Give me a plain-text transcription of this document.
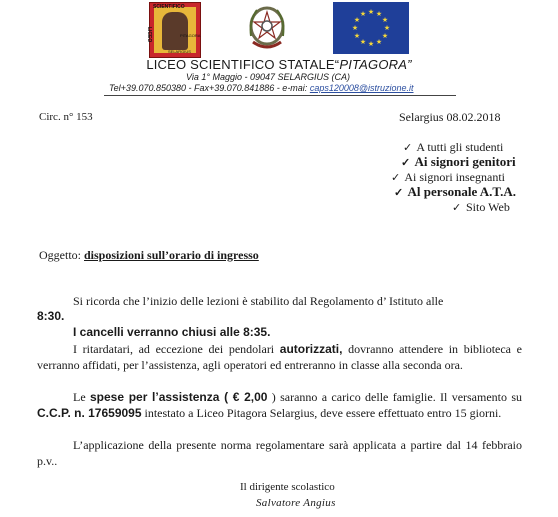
SCIENTIFICO
LICEO	PITAGORA
SELARGIUS
★ ★
★
★
★
★
★
★
★
★
★
★
LICEO SCIENTIFICO STATALE“PITAGORA”
Via 1° Maggio - 09047 SELARGIUS (CA)
Tel+39.070.850380 - Fax+39.070.841886 - e-mai: caps120008@istruzione.it
Circ. n° 153	Selargius 08.02.2018
✓ A tutti gli studenti
✓ Ai signori genitori
✓ Ai signori insegnanti
✓ Al personale A.T.A.
✓ Sito Web
Oggetto: disposizioni sull’orario di ingresso
Si ricorda che l’inizio delle lezioni è stabilito dal Regolamento d’ Istituto alle
8:30.
I cancelli verranno chiusi alle 8:35.
I ritardatari, ad eccezione dei pendolari autorizzati, dovranno attendere in biblioteca e verranno affidati, per l’assistenza, agli operatori ed entreranno in classe alla seconda ora.
Le spese per l’assistenza ( € 2,00 ) saranno a carico delle famiglie. Il versamento su C.C.P. n. 17659095 intestato a Liceo Pitagora Selargius, deve essere effettuato entro 15 giorni.
L’applicazione della presente norma regolamentare sarà applicata a partire dal 14 febbraio p.v..
Il dirigente scolastico
Salvatore Angius
